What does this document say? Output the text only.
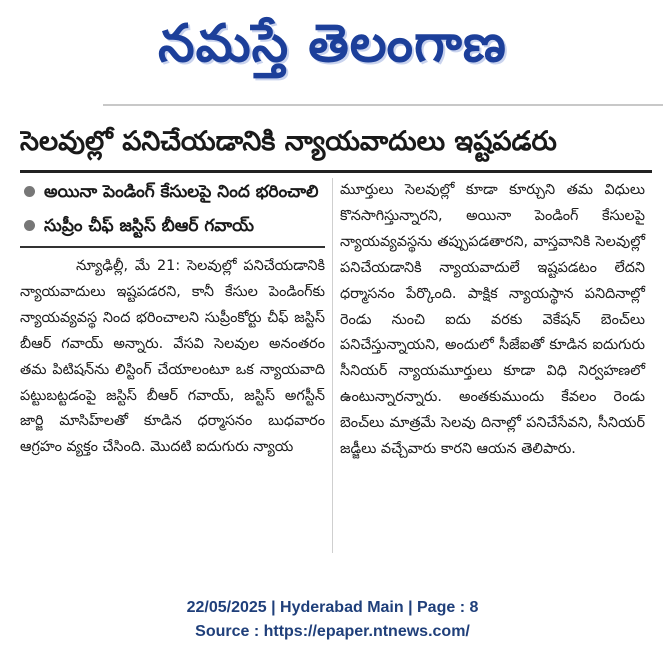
నమస్తే తెలంగాణ
సెలవుల్లో పనిచేయడానికి న్యాయవాదులు ఇష్టపడరు
అయినా పెండింగ్ కేసులపై నింద భరించాలి
సుప్రీం చీఫ్ జస్టిస్ బీఆర్ గవాయ్

న్యూఢిల్లీ, మే 21: సెలవుల్లో పనిచేయడానికి న్యాయవాదులు ఇష్టపడరని, కానీ కేసుల పెండింగ్‌కు న్యాయవ్యవస్థ నింద భరించాలని సుప్రీంకోర్టు చీఫ్ జస్టిస్ బీఆర్ గవాయ్ అన్నారు. వేసవి సెలవుల అనంతరం తమ పిటిషన్‌ను లిస్టింగ్ చేయాలంటూ ఒక న్యాయవాది పట్టుబట్టడంపై జస్టిస్ బీఆర్ గవాయ్, జస్టిస్ అగస్టీన్ జార్జి మాసిహ్‌లతో కూడిన ధర్మాసనం బుధవారం ఆగ్రహం వ్యక్తం చేసింది. మొదటి ఐదుగురు న్యాయ

మూర్తులు సెలవుల్లో కూడా కూర్చుని తమ విధులు కొనసాగిస్తున్నారని, అయినా పెండింగ్ కేసులపై న్యాయవ్యవస్థను తప్పుపడతారని, వాస్తవానికి సెలవుల్లో పనిచేయడానికి న్యాయవాదులే ఇష్టపడటం లేదని ధర్మాసనం పేర్కొంది. పాక్షిక న్యాయస్థాన పనిదినాల్లో రెండు నుంచి ఐదు వరకు వెకేషన్ బెంచ్‌లు పనిచేస్తున్నాయని, అందులో సీజేఐతో కూడిన ఐదుగురు సీనియర్ న్యాయమూర్తులు కూడా విధి నిర్వహణలో ఉంటున్నారన్నారు. అంతకుముందు కేవలం రెండు బెంచ్‌లు మాత్రమే సెలవు దినాల్లో పనిచేసేవని, సీనియర్ జడ్జీలు వచ్చేవారు కారని ఆయన తెలిపారు.

22/05/2025 | Hyderabad Main | Page : 8
Source : https://epaper.ntnews.com/
